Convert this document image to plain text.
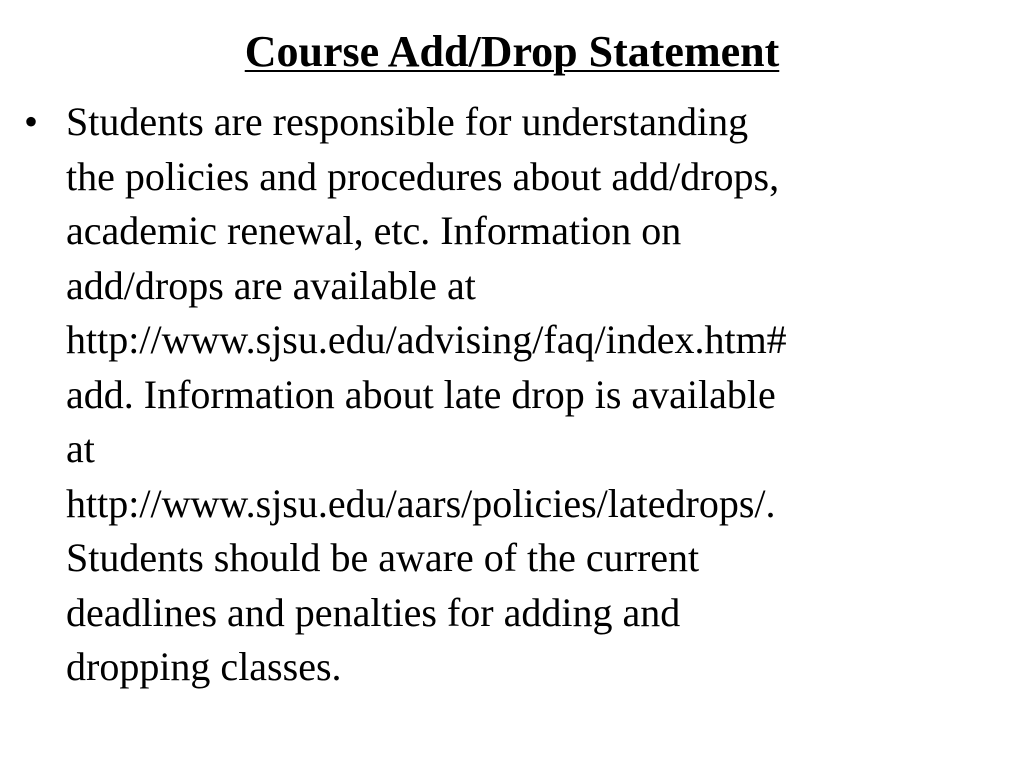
Course Add/Drop Statement
• Students are responsible for understanding
the policies and procedures about add/drops,
academic renewal, etc. Information on
add/drops are available at
http://www.sjsu.edu/advising/faq/index.htm#
add. Information about late drop is available
at
http://www.sjsu.edu/aars/policies/latedrops/.
Students should be aware of the current
deadlines and penalties for adding and
dropping classes.
